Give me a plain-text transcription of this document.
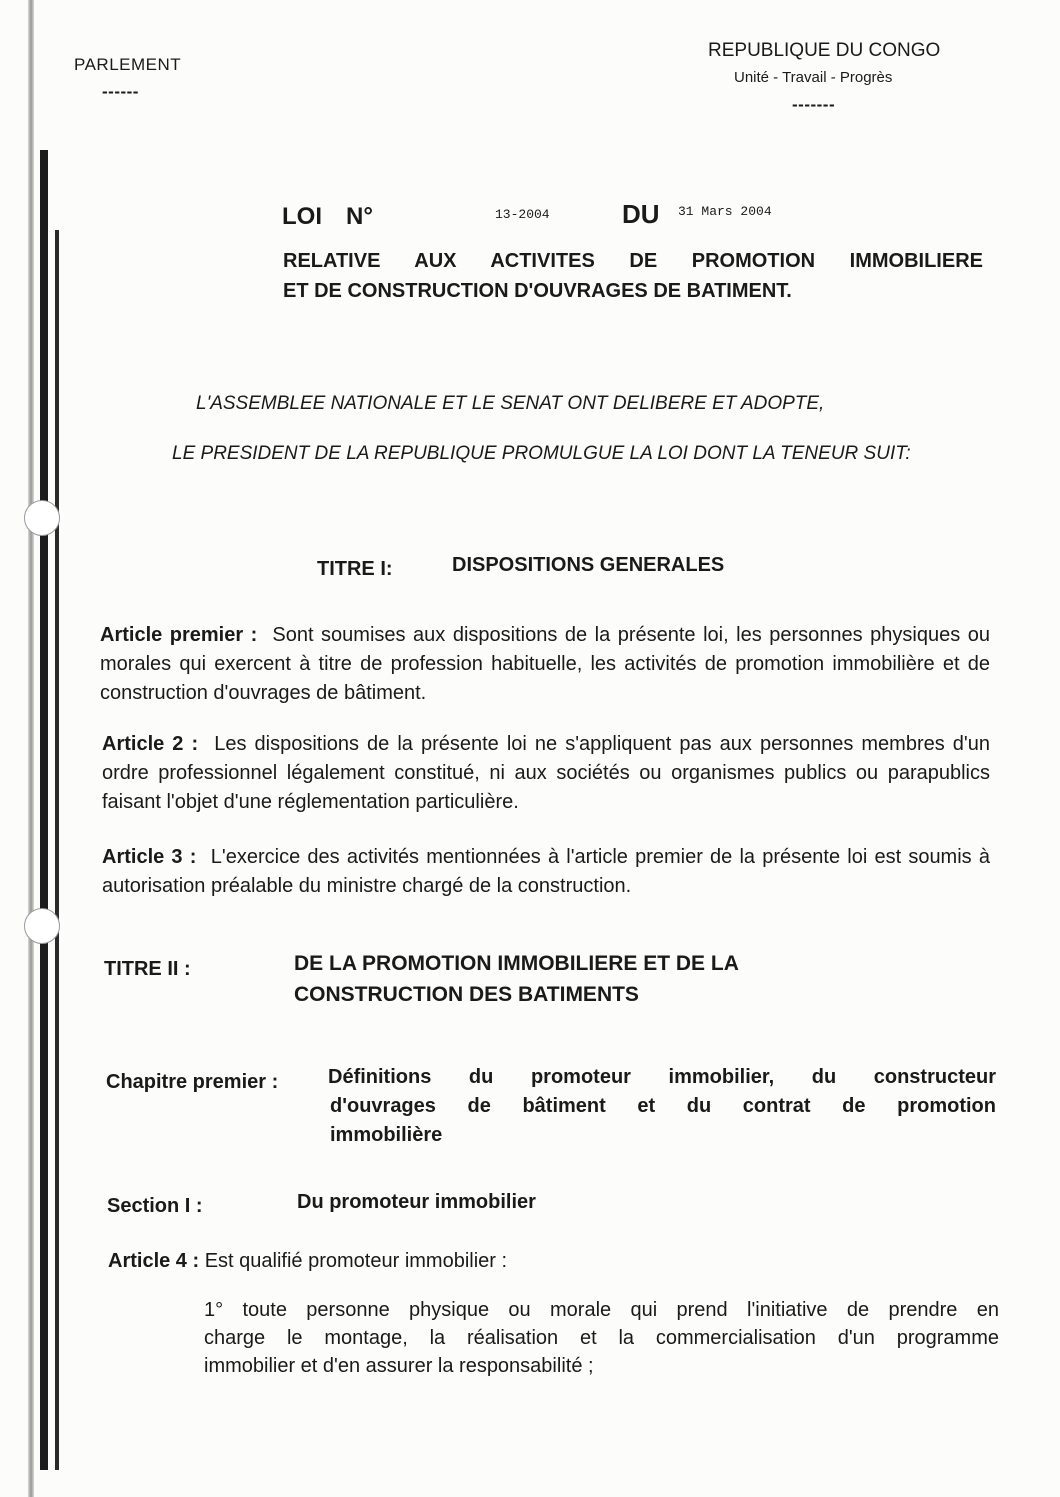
PARLEMENT
------
REPUBLIQUE DU CONGO
Unité - Travail - Progrès
-------
LOI N°	13-2004	DU 31 Mars 2004
RELATIVE AUX ACTIVITES DE PROMOTION IMMOBILIERE
ET DE CONSTRUCTION D'OUVRAGES DE BATIMENT.
L'ASSEMBLEE NATIONALE ET LE SENAT ONT DELIBERE ET ADOPTE,
LE PRESIDENT DE LA REPUBLIQUE PROMULGUE LA LOI DONT LA TENEUR SUIT:
TITRE I:	DISPOSITIONS GENERALES
Article premier : Sont soumises aux dispositions de la présente loi, les personnes physiques ou morales qui exercent à titre de profession habituelle, les activités de promotion immobilière et de construction d'ouvrages de bâtiment.
Article 2 : Les dispositions de la présente loi ne s'appliquent pas aux personnes membres d'un ordre professionnel légalement constitué, ni aux sociétés ou organismes publics ou parapublics faisant l'objet d'une réglementation particulière.
Article 3 : L'exercice des activités mentionnées à l'article premier de la présente loi est soumis à autorisation préalable du ministre chargé de la construction.
TITRE II :	DE LA PROMOTION IMMOBILIERE ET DE LA
CONSTRUCTION DES BATIMENTS
Chapitre premier : Définitions du promoteur immobilier, du constructeur
d'ouvrages de bâtiment et du contrat de promotion
immobilière
Section I :	Du promoteur immobilier
Article 4 : Est qualifié promoteur immobilier :
1° toute personne physique ou morale qui prend l'initiative de prendre en
charge le montage, la réalisation et la commercialisation d'un programme
immobilier et d'en assurer la responsabilité ;
